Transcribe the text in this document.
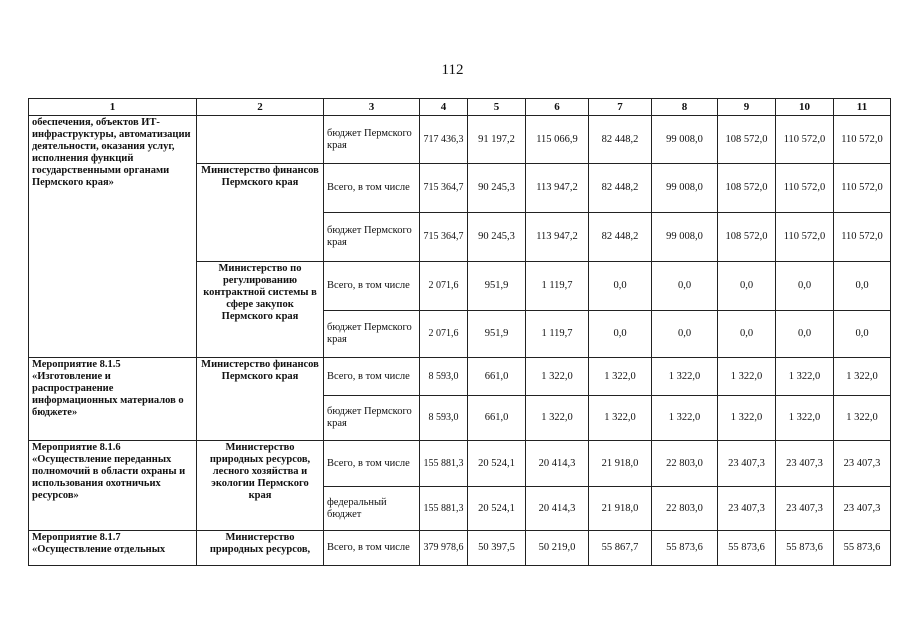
112
1	2	3	4	5	6	7	8	9	10	11
обеспечения, объектов ИТ-инфраструктуры, автоматизации деятельности, оказания услуг, исполнения функций государственными органами Пермского края»		бюджет Пермского края	717 436,3	91 197,2	115 066,9	82 448,2	99 008,0	108 572,0	110 572,0	110 572,0
	Министерство финансов Пермского края	Всего, в том числе	715 364,7	90 245,3	113 947,2	82 448,2	99 008,0	108 572,0	110 572,0	110 572,0
		бюджет Пермского края	715 364,7	90 245,3	113 947,2	82 448,2	99 008,0	108 572,0	110 572,0	110 572,0
	Министерство по регулированию контрактной системы в сфере закупок Пермского края	Всего, в том числе	2 071,6	951,9	1 119,7	0,0	0,0	0,0	0,0	0,0
		бюджет Пермского края	2 071,6	951,9	1 119,7	0,0	0,0	0,0	0,0	0,0
Мероприятие 8.1.5 «Изготовление и распространение информационных материалов о бюджете»	Министерство финансов Пермского края	Всего, в том числе	8 593,0	661,0	1 322,0	1 322,0	1 322,0	1 322,0	1 322,0	1 322,0
		бюджет Пермского края	8 593,0	661,0	1 322,0	1 322,0	1 322,0	1 322,0	1 322,0	1 322,0
Мероприятие 8.1.6 «Осуществление переданных полномочий в области охраны и использования охотничьих ресурсов»	Министерство природных ресурсов, лесного хозяйства и экологии Пермского края	Всего, в том числе	155 881,3	20 524,1	20 414,3	21 918,0	22 803,0	23 407,3	23 407,3	23 407,3
		федеральный бюджет	155 881,3	20 524,1	20 414,3	21 918,0	22 803,0	23 407,3	23 407,3	23 407,3
Мероприятие 8.1.7 «Осуществление отдельных	Министерство природных ресурсов,	Всего, в том числе	379 978,6	50 397,5	50 219,0	55 867,7	55 873,6	55 873,6	55 873,6	55 873,6
